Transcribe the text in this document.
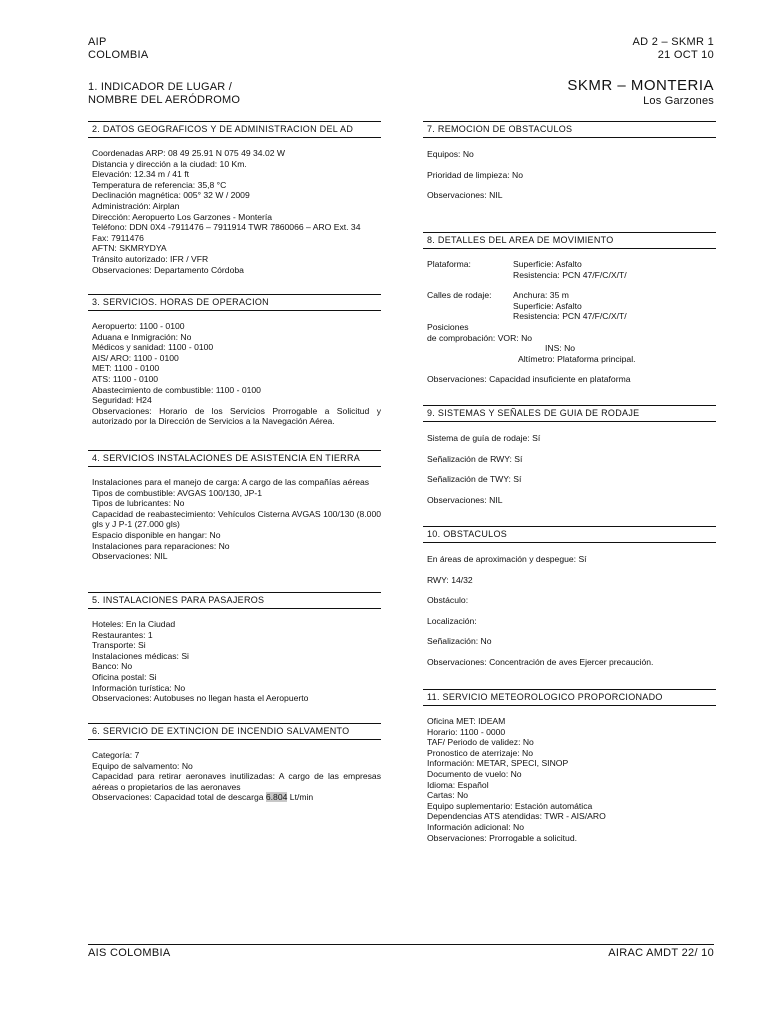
AIP
COLOMBIA
AD 2 – SKMR 1
21 OCT 10
1. INDICADOR DE LUGAR /
NOMBRE DEL AERÓDROMO
SKMR – MONTERIA
Los Garzones
2. DATOS GEOGRAFICOS Y DE ADMINISTRACION DEL AD

Coordenadas ARP: 08 49 25.91 N 075 49 34.02 W

Distancia y dirección a la ciudad: 10 Km.

Elevación: 12.34 m / 41 ft

Temperatura de referencia: 35,8 °C

Declinación magnética: 005° 32 W / 2009

Administración: Airplan

Dirección: Aeropuerto Los Garzones - Montería

Teléfono: DDN 0X4 -7911476 – 7911914 TWR 7860066 – ARO Ext. 34

Fax: 7911476

AFTN: SKMRYDYA

Tránsito autorizado: IFR / VFR

Observaciones: Departamento Córdoba

3. SERVICIOS. HORAS DE OPERACION

Aeropuerto: 1100 - 0100

Aduana e Inmigración: No

Médicos y sanidad: 1100 - 0100

AIS/ ARO: 1100 - 0100

MET: 1100 - 0100

ATS: 1100 - 0100

Abastecimiento de combustible: 1100 - 0100

Seguridad: H24

Observaciones: Horario de los Servicios Prorrogable a Solicitud y autorizado por la Dirección de Servicios a la Navegación Aérea.

4. SERVICIOS INSTALACIONES DE ASISTENCIA EN TIERRA

Instalaciones para el manejo de carga: A cargo de las compañías aéreas

Tipos de combustible: AVGAS 100/130, JP-1

Tipos de lubricantes: No

Capacidad de reabastecimiento: Vehículos Cisterna AVGAS 100/130 (8.000 gls y J P-1 (27.000 gls)

Espacio disponible en hangar: No

Instalaciones para reparaciones: No

Observaciones: NIL

5. INSTALACIONES PARA PASAJEROS

Hoteles: En la Ciudad

Restaurantes: 1

Transporte: Si

Instalaciones médicas: Si

Banco: No

Oficina postal: Si

Información turística: No

Observaciones: Autobuses no llegan hasta el Aeropuerto

6. SERVICIO DE EXTINCION DE INCENDIO SALVAMENTO

Categoría: 7

Equipo de salvamento: No

Capacidad para retirar aeronaves inutilizadas: A cargo de las empresas aéreas o propietarios de las aeronaves

Observaciones: Capacidad total de descarga 6.804 Lt/min

7. REMOCION DE OBSTACULOS

Equipos: No

Prioridad de limpieza: No

Observaciones: NIL

8. DETALLES DEL AREA DE MOVIMIENTO

Plataforma:	Superficie: Asfalto

Resistencia: PCN 47/F/C/X/T/

Calles de rodaje:	Anchura: 35 m

Superficie: Asfalto

Resistencia: PCN 47/F/C/X/T/

Posiciones

de comprobación: VOR: No

INS: No

Altímetro: Plataforma principal.

Observaciones: Capacidad insuficiente en plataforma

9. SISTEMAS Y SEÑALES DE GUIA DE RODAJE

Sistema de guía de rodaje: Sí

Señalización de RWY: Sí

Señalización de TWY: Sí

Observaciones: NIL

10. OBSTACULOS

En áreas de aproximación y despegue: Sí

RWY: 14/32

Obstáculo:

Localización:

Señalización: No

Observaciones: Concentración de aves Ejercer precaución.

11. SERVICIO METEOROLOGICO PROPORCIONADO

Oficina MET: IDEAM

Horario: 1100 - 0000

TAF/ Periodo de validez: No

Pronostico de aterrizaje: No

Información: METAR, SPECI, SINOP

Documento de vuelo: No

Idioma: Español

Cartas: No

Equipo suplementario: Estación automática

Dependencias ATS atendidas: TWR - AIS/ARO

Información adicional: No

Observaciones: Prorrogable a solicitud.

AIS COLOMBIA	AIRAC AMDT 22/ 10
